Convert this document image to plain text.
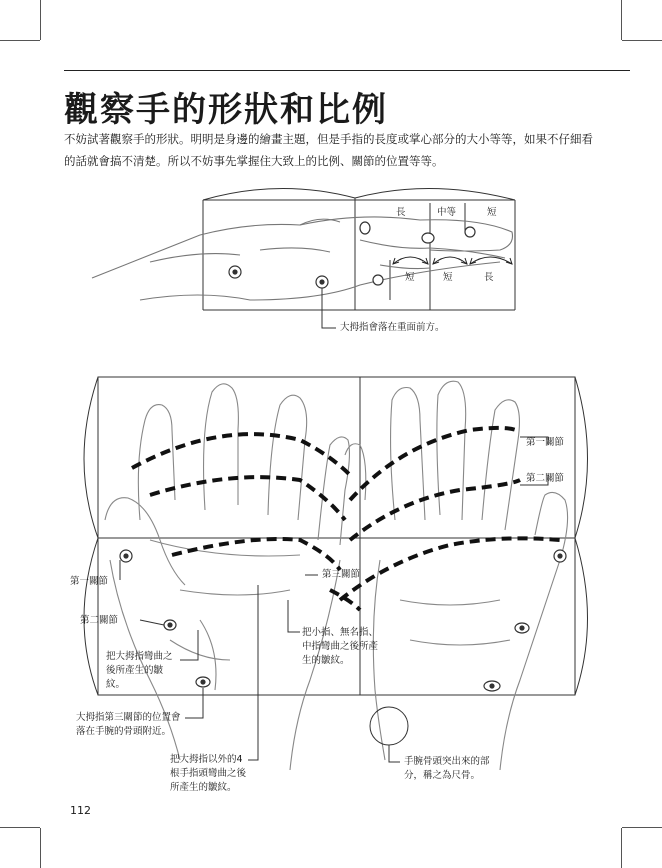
觀察手的形狀和比例
不妨試著觀察手的形狀。明明是身邊的繪畫主題，但是手指的長度或掌心部分的大小等等，如果不仔細看的話就會搞不清楚。所以不妨事先掌握住大致上的比例、關節的位置等等。
長	中等	短
短	短	長
大拇指會落在重面前方。
第一關節
第二關節
第三關節
第一關節
第二關節
把大拇指彎曲之後所產生的皺紋。
大拇指第三關節的位置會落在手腕的骨頭附近。
把小指、無名指、中指彎曲之後所產生的皺紋。
把大拇指以外的4根手指頭彎曲之後所產生的皺紋。
手腕骨頭突出來的部分，稱之為尺骨。
112
